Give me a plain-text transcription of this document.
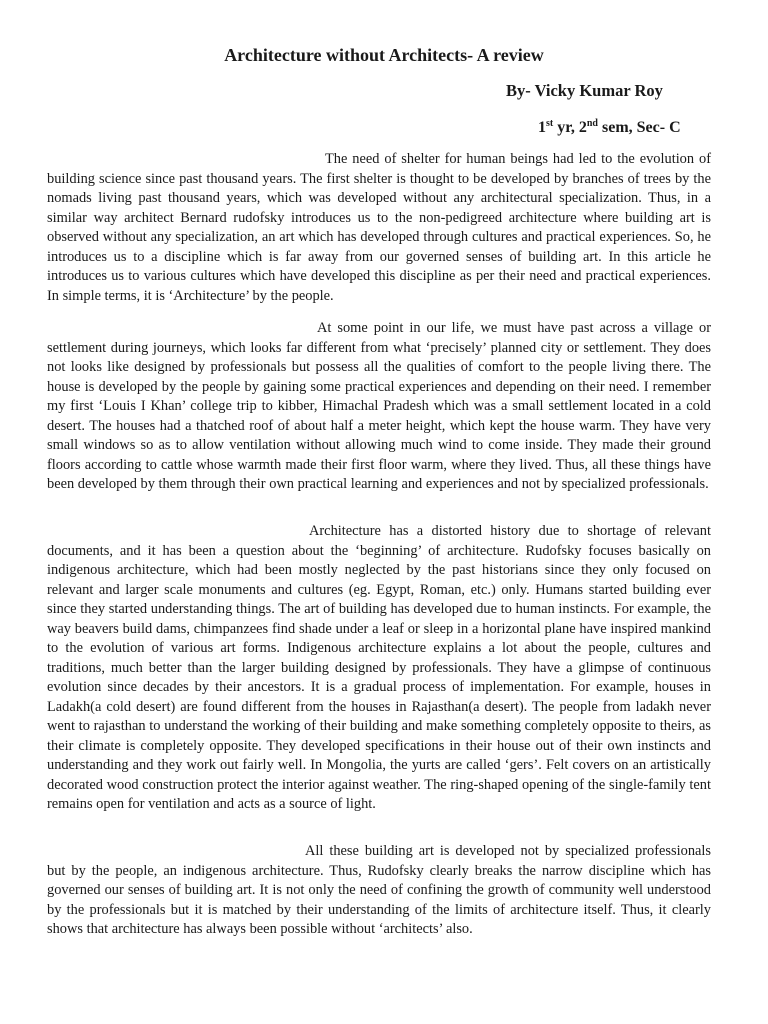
Architecture without Architects- A review
By- Vicky Kumar Roy
1st yr, 2nd sem, Sec- C

The need of shelter for human beings had led to the evolution of building science since past thousand years. The first shelter is thought to be developed by branches of trees by the nomads living past thousand years, which was developed without any architectural specialization. Thus, in a similar way architect Bernard rudofsky introduces us to the non-pedigreed architecture where building art is observed without any specialization, an art which has developed through cultures and practical experiences. So, he introduces us to a discipline which is far away from our governed senses of building art. In this article he introduces us to various cultures which have developed this discipline as per their need and practical experiences. In simple terms, it is ‘Architecture’ by the people.

At some point in our life, we must have past across a village or settlement during journeys, which looks far different from what ‘precisely’ planned city or settlement. They does not looks like designed by professionals but possess all the qualities of comfort to the people living there. The house is developed by the people by gaining some practical experiences and depending on their need. I remember my first ‘Louis I Khan’ college trip to kibber, Himachal Pradesh which was a small settlement located in a cold desert. The houses had a thatched roof of about half a meter height, which kept the house warm. They have very small windows so as to allow ventilation without allowing much wind to come inside. They made their ground floors according to cattle whose warmth made their first floor warm, where they lived. Thus, all these things have been developed by them through their own practical learning and experiences and not by specialized professionals.

Architecture has a distorted history due to shortage of relevant documents, and it has been a question about the ‘beginning’ of architecture. Rudofsky focuses basically on indigenous architecture, which had been mostly neglected by the past historians since they only focused on relevant and larger scale monuments and cultures (eg. Egypt, Roman, etc.) only. Humans started building ever since they started understanding things. The art of building has developed due to human instincts. For example, the way beavers build dams, chimpanzees find shade under a leaf or sleep in a horizontal plane have inspired mankind to the evolution of various art forms. Indigenous architecture explains a lot about the people, cultures and traditions, much better than the larger building designed by professionals. They have a glimpse of continuous evolution since decades by their ancestors. It is a gradual process of implementation. For example, houses in Ladakh(a cold desert) are found different from the houses in Rajasthan(a desert). The people from ladakh never went to rajasthan to understand the working of their building and make something completely opposite to theirs, as their climate is completely opposite. They developed specifications in their house out of their own instincts and understanding and they work out fairly well. In Mongolia, the yurts are called ‘gers’. Felt covers on an artistically decorated wood construction protect the interior against weather. The ring-shaped opening of the single-family tent remains open for ventilation and acts as a source of light.

All these building art is developed not by specialized professionals but by the people, an indigenous architecture. Thus, Rudofsky clearly breaks the narrow discipline which has governed our senses of building art. It is not only the need of confining the growth of community well understood by the professionals but it is matched by their understanding of the limits of architecture itself. Thus, it clearly shows that architecture has always been possible without ‘architects’ also.
